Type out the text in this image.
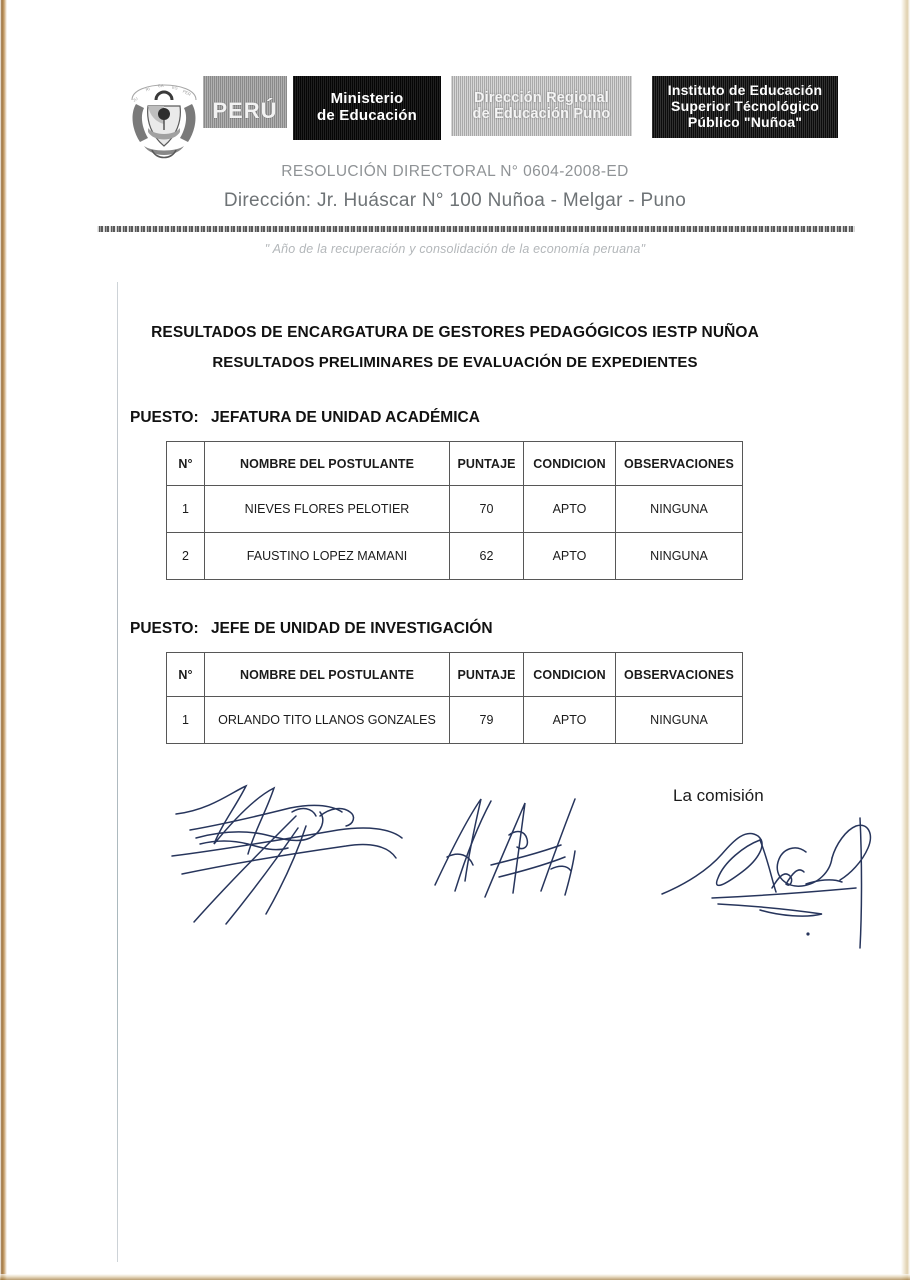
JU
RI
CA ES
PER
PERÚ	Ministerio
de Educación
Dirección Regional
de Educación Puno
Instituto de Educación
Superior Técnológico
Público "Nuñoa"
RESOLUCIÓN DIRECTORAL N° 0604-2008-ED
Dirección: Jr. Huáscar N° 100 Nuñoa - Melgar - Puno
" Año de la recuperación y consolidación de la economía peruana"
RESULTADOS DE ENCARGATURA DE GESTORES PEDAGÓGICOS IESTP NUÑOA
RESULTADOS PRELIMINARES DE EVALUACIÓN DE EXPEDIENTES
PUESTO: JEFATURA DE UNIDAD ACADÉMICA
N°	NOMBRE DEL POSTULANTE	PUNTAJE	CONDICION	OBSERVACIONES
1	NIEVES FLORES PELOTIER	70	APTO	NINGUNA
2	FAUSTINO LOPEZ MAMANI	62	APTO	NINGUNA
PUESTO: JEFE DE UNIDAD DE INVESTIGACIÓN
N°	NOMBRE DEL POSTULANTE	PUNTAJE	CONDICION	OBSERVACIONES
1	ORLANDO TITO LLANOS GONZALES	79	APTO	NINGUNA
La comisión
